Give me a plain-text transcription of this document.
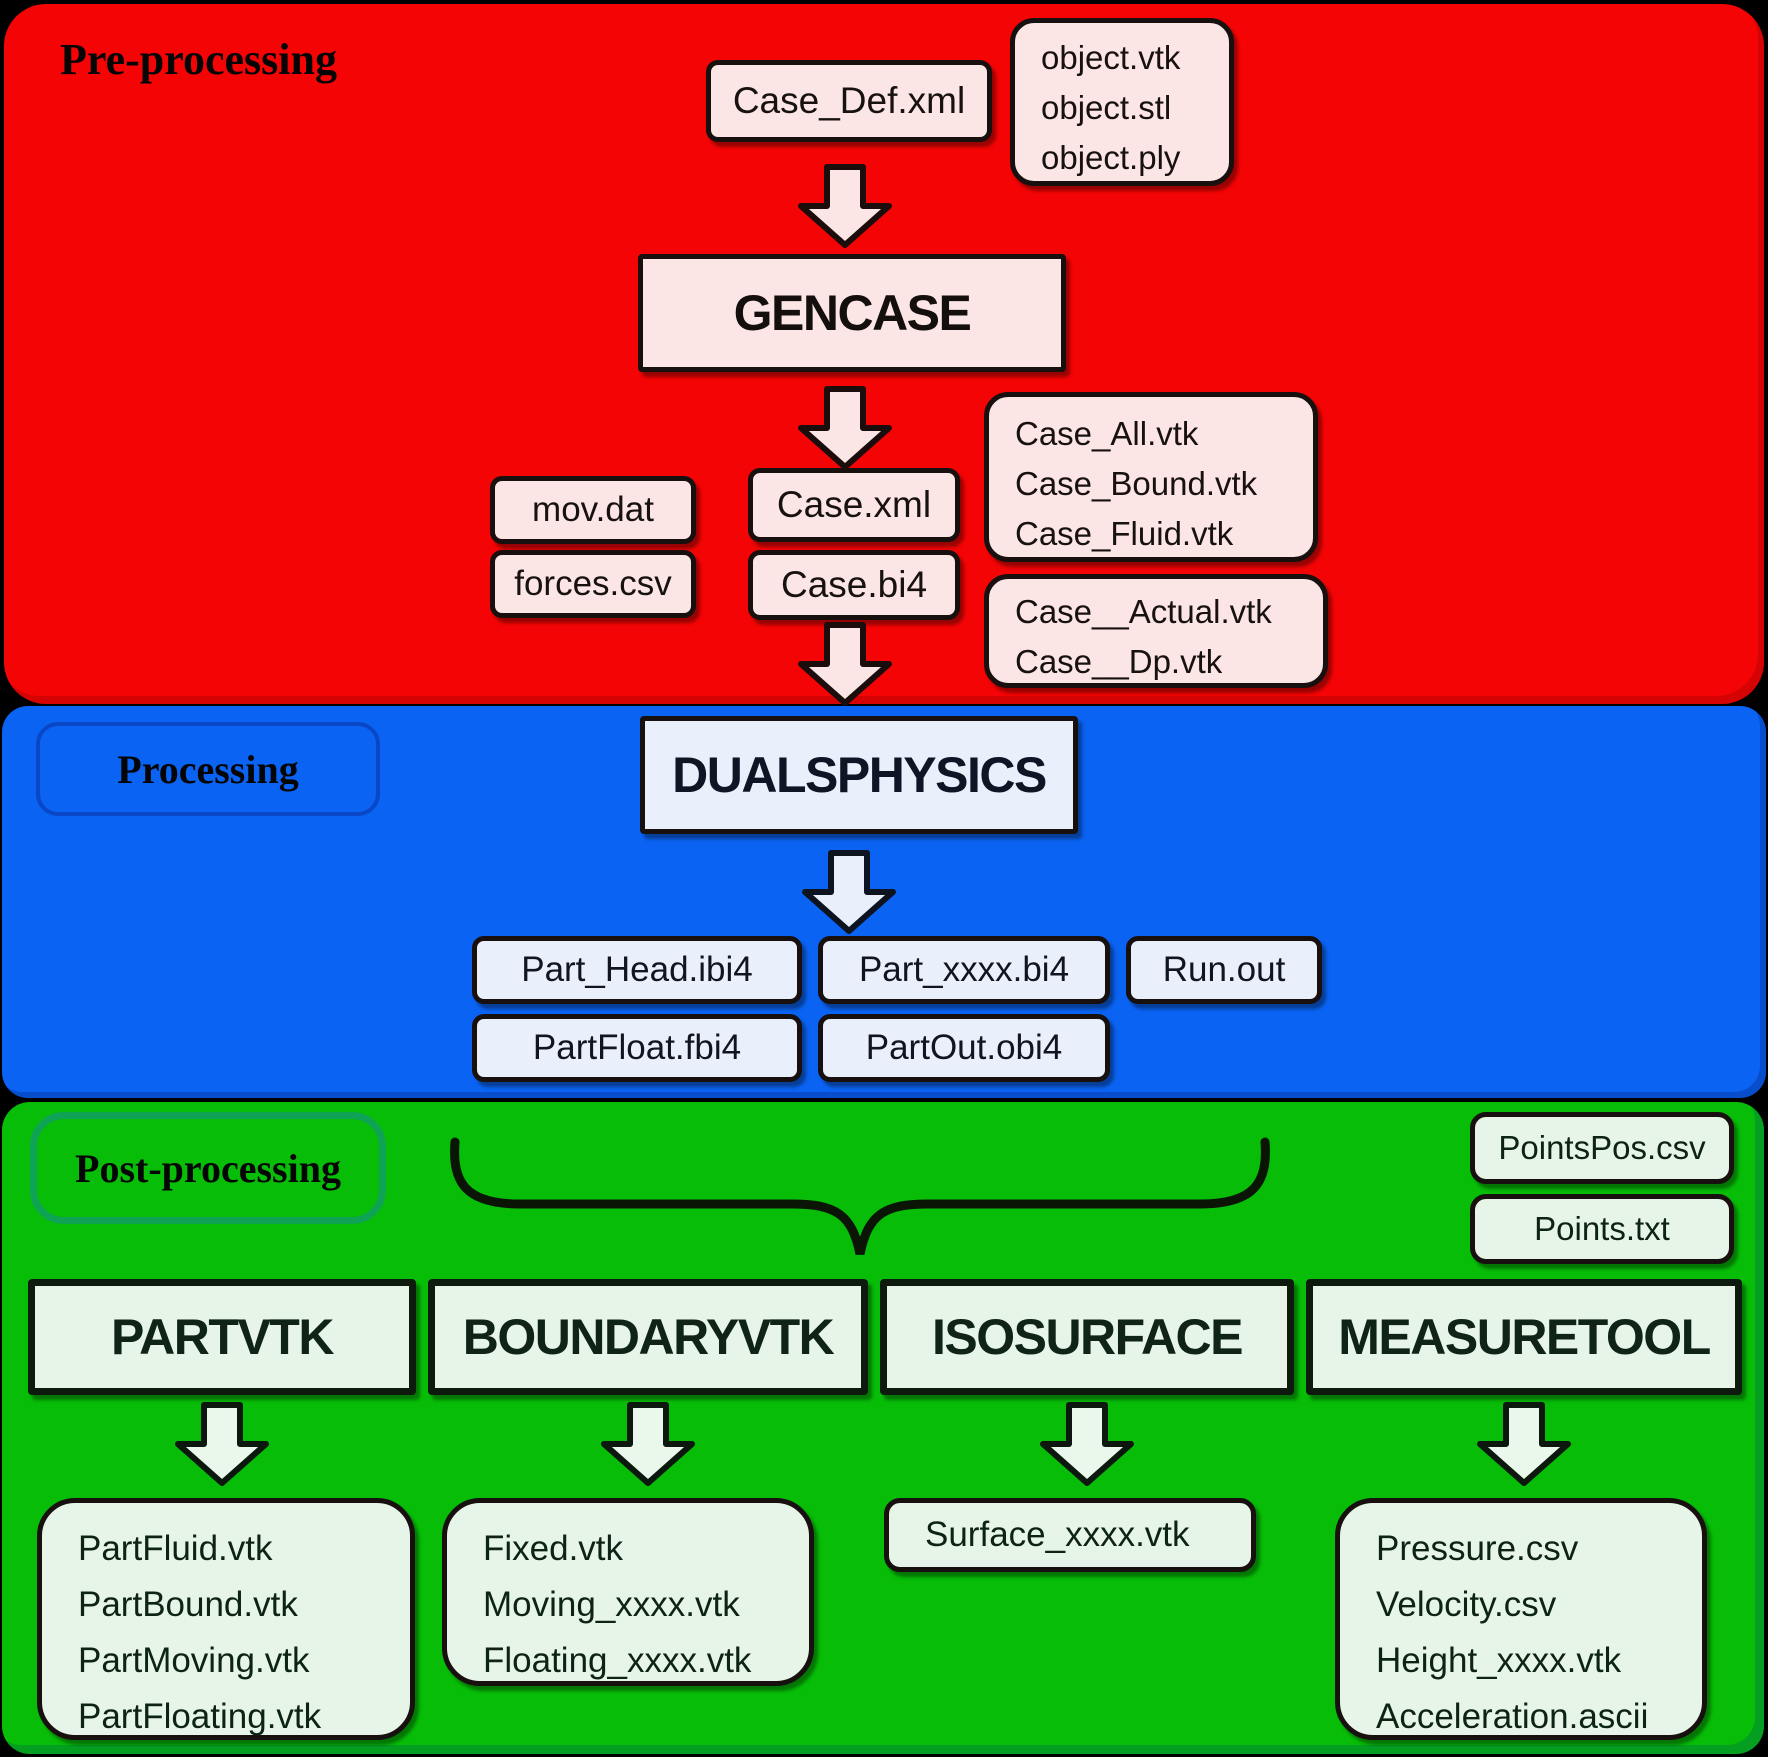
Pre-processing
Case_Def.xml

object.vtk

object.stl

object.ply

GENCASE
mov.dat
forces.csv
Case.xml
Case.bi4

Case_All.vtk

Case_Bound.vtk

Case_Fluid.vtk

Case__Actual.vtk

Case__Dp.vtk

Processing	DUALSPHYSICS
Part_Head.ibi4	Part_xxxx.bi4	Run.out
PartFloat.fbi4	PartOut.obi4
Post-processing	PointsPos.csv
Points.txt
PARTVTK	BOUNDARYVTK	ISOSURFACE	MEASURETOOL

PartFluid.vtk

PartBound.vtk

PartMoving.vtk

PartFloating.vtk

Fixed.vtk

Moving_xxxx.vtk

Floating_xxxx.vtk

Surface_xxxx.vtk	Pressure.csv

Velocity.csv

Height_xxxx.vtk

Acceleration.ascii
